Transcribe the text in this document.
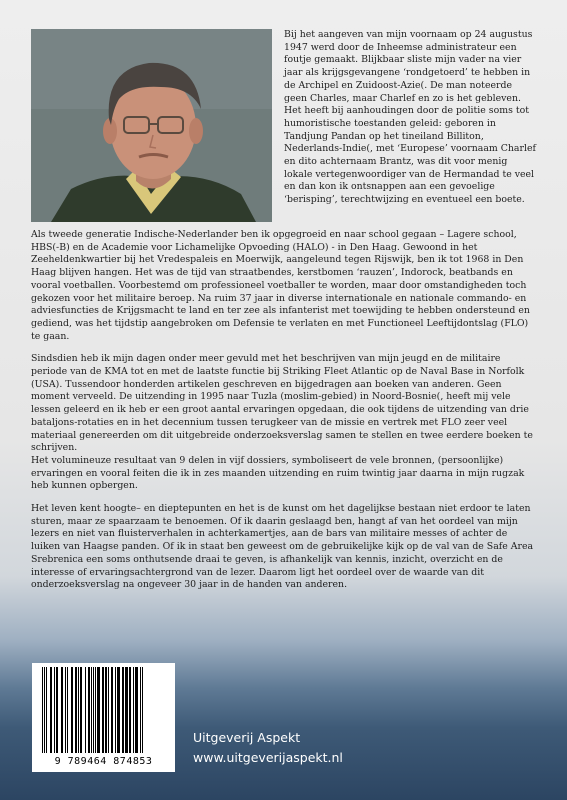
Bij het aangeven van mijn voornaam op 24 augustus 1947 werd door de Inheemse administrateur een foutje gemaakt. Blijkbaar sliste mijn vader na vier jaar als krijgsgevangene ‘rondgetoerd’ te hebben in de Archipel en Zuidoost-Azie(. De man noteerde geen Charles, maar Charlef en zo is het gebleven. Het heeft bij aanhoudingen door de politie soms tot humoristische toestanden geleid: geboren in Tandjung Pandan op het tineiland Billiton, Nederlands-Indie(, met ‘Europese’ voornaam Charlef en dito achternaam Brantz, was dit voor menig lokale vertegenwoordiger van de Hermandad te veel en dan kon ik ontsnappen aan een gevoelige ‘berisping’, terechtwijzing en eventueel een boete.

Als tweede generatie Indische-Nederlander ben ik opgegroeid en naar school gegaan – Lagere school, HBS(-B) en de Academie voor Lichamelijke Opvoeding (HALO) - in Den Haag. Gewoond in het Zeeheldenkwartier bij het Vredespaleis en Moerwijk, aangeleund tegen Rijswijk, ben ik tot 1968 in Den Haag blijven hangen. Het was de tijd van straatbendes, kerstbomen ‘rauzen’, Indorock, beatbands en vooral voetballen. Voorbestemd om professioneel voetballer te worden, maar door omstandigheden toch gekozen voor het militaire beroep. Na ruim 37 jaar in diverse internationale en nationale commando- en adviesfuncties de Krijgsmacht te land en ter zee als infanterist met toewijding te hebben ondersteund en gediend, was het tijdstip aangebroken om Defensie te verlaten en met Functioneel Leeftijdontslag (FLO) te gaan.

Sindsdien heb ik mijn dagen onder meer gevuld met het beschrijven van mijn jeugd en de militaire periode van de KMA tot en met de laatste functie bij Striking Fleet Atlantic op de Naval Base in Norfolk (USA). Tussendoor honderden artikelen geschreven en bijgedragen aan boeken van anderen. Geen moment verveeld. De uitzending in 1995 naar Tuzla (moslim-gebied) in Noord-Bosnie(, heeft mij vele lessen geleerd en ik heb er een groot aantal ervaringen opgedaan, die ook tijdens de uitzending van drie bataljons-rotaties en in het decennium tussen terugkeer van de missie en vertrek met FLO zeer veel materiaal genereerden om dit uitgebreide onderzoeksverslag samen te stellen en twee eerdere boeken te schrijven.

Het volumineuze resultaat van 9 delen in vijf dossiers, symboliseert de vele bronnen, (persoonlijke) ervaringen en vooral feiten die ik in zes maanden uitzending en ruim twintig jaar daarna in mijn rugzak heb kunnen opbergen.

Het leven kent hoogte– en dieptepunten en het is de kunst om het dagelijkse bestaan niet erdoor te laten sturen, maar ze spaarzaam te benoemen. Of ik daarin geslaagd ben, hangt af van het oordeel van mijn lezers en niet van fluisterverhalen in achterkamertjes, aan de bars van militaire messes of achter de luiken van Haagse panden. Of ik in staat ben geweest om de gebruikelijke kijk op de val van de Safe Area Srebrenica een soms onthutsende draai te geven, is afhankelijk van kennis, inzicht, overzicht en de interesse of ervaringsachtergrond van de lezer. Daarom ligt het oordeel over de waarde van dit onderzoeksverslag na ongeveer 30 jaar in de handen van anderen.

9 789464 874853
Uitgeverij Aspekt
www.uitgeverijaspekt.nl
